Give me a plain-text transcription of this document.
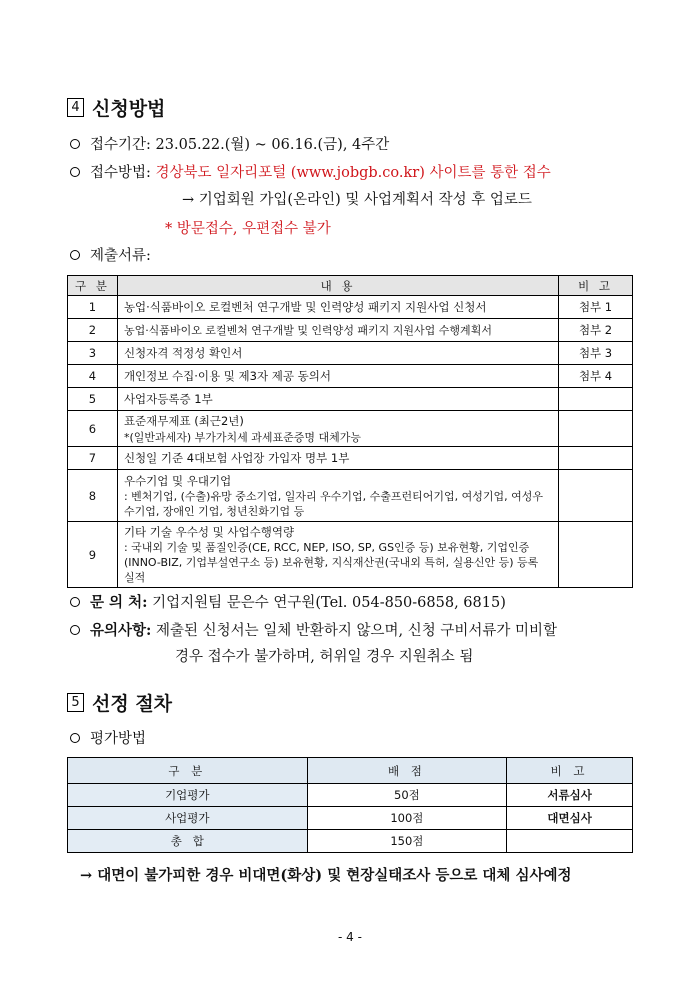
4 신청방법
접수기간:
23.05.22.(월) ~ 06.16.(금), 4주간
접수방법:
경상북도 일자리포털 (www.jobgb.co.kr) 사이트를 통한 접수
→ 기업회원 가입(온라인) 및 사업계획서 작성 후 업로드
* 방문접수, 우편접수 불가
제출서류:
구 분	내 용	비 고
1	농업·식품바이오 로컬벤처 연구개발 및 인력양성 패키지 지원사업 신청서	첨부 1
2	농업·식품바이오 로컬벤처 연구개발 및 인력양성 패키지 지원사업 수행계획서	첨부 2
3	신청자격 적정성 확인서	첨부 3
4	개인정보 수집·이용 및 제3자 제공 동의서	첨부 4
5	사업자등록증 1부	
6	표준재무제표 (최근2년)
*(일반과세자) 부가가치세 과세표준증명 대체가능	

7	신청일 기준 4대보험 사업장 가입자 명부 1부	
8	우수기업 및 우대기업
: 벤처기업, (수출)유망 중소기업, 일자리 우수기업, 수출프런티어기업, 여성기업, 여성우수기업, 장애인 기업, 청년친화기업 등	

9	기타 기술 우수성 및 사업수행역량
: 국내외 기술 및 품질인증(CE, RCC, NEP, ISO, SP, GS인증 등) 보유현황, 기업인증(INNO-BIZ, 기업부설연구소 등) 보유현황, 지식재산권(국내외 특허, 실용신안 등) 등록 실적	

문 의 처:
기업지원팀 문은수 연구원(Tel. 054-850-6858, 6815)
유의사항:
제출된 신청서는 일체 반환하지 않으며, 신청 구비서류가 미비할
경우 접수가 불가하며, 허위일 경우 지원취소 됨
5 선정 절차
평가방법
구 분	배 점	비 고
기업평가	50점	서류심사
사업평가	100점	대면심사
총   합	150점	
→ 대면이 불가피한 경우 비대면(화상) 및 현장실태조사 등으로 대체 심사예정
- 4 -
